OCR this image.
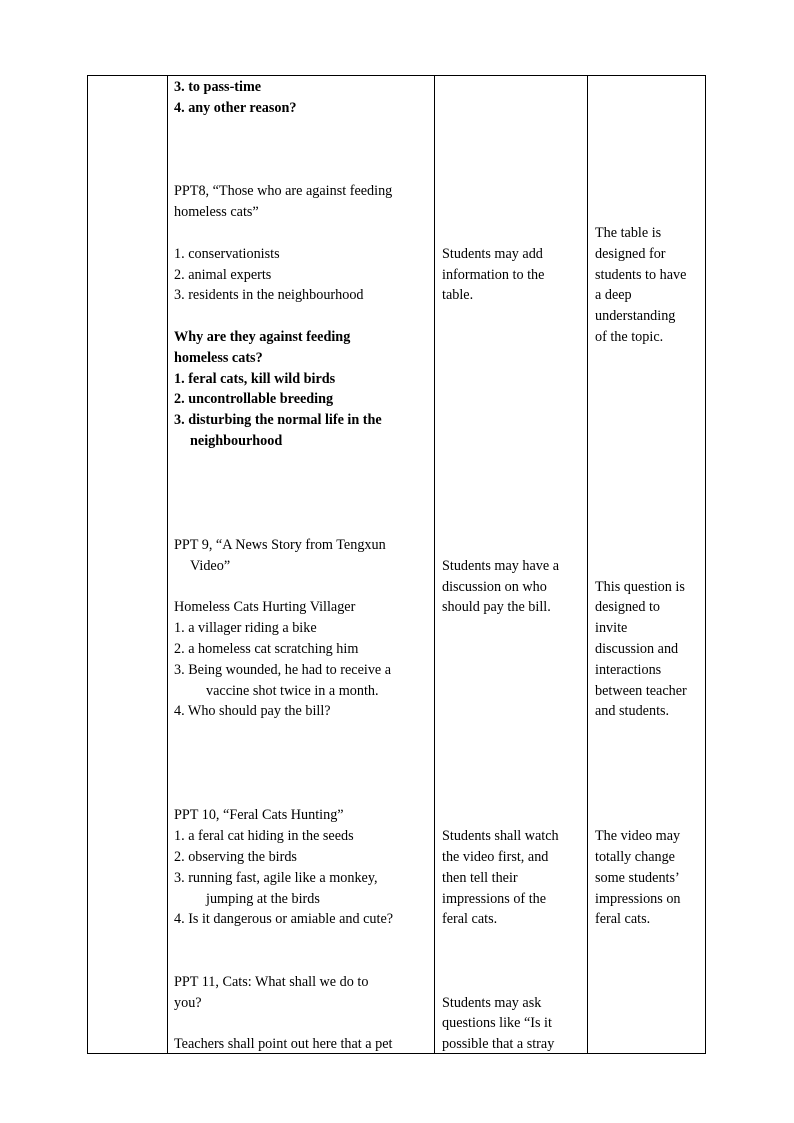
3. to pass-time
4. any other reason?
PPT8, “Those who are against feeding
homeless cats”
1. conservationists
2. animal experts
3. residents in the neighbourhood
Why are they against feeding
homeless cats?
1. feral cats, kill wild birds
2. uncontrollable breeding
3. disturbing the normal life in the
neighbourhood
PPT 9, “A News Story from Tengxun
Video”
Homeless Cats Hurting Villager
1. a villager riding a bike
2. a homeless cat scratching him
3. Being wounded, he had to receive a
vaccine shot twice in a month.
4. Who should pay the bill?
PPT 10, “Feral Cats Hunting”
1. a feral cat hiding in the seeds
2. observing the birds
3. running fast, agile like a monkey,
jumping at the birds
4. Is it dangerous or amiable and cute?
PPT 11, Cats: What shall we do to
you?
Teachers shall point out here that a pet
Students may add
information to the
table.
Students may have a
discussion on who
should pay the bill.
Students shall watch
the video first, and
then tell their
impressions of the
feral cats.
Students may ask
questions like “Is it
possible that a stray
The table is
designed for
students to have
a deep
understanding
of the topic.
This question is
designed to
invite
discussion and
interactions
between teacher
and students.
The video may
totally change
some students’
impressions on
feral cats.
